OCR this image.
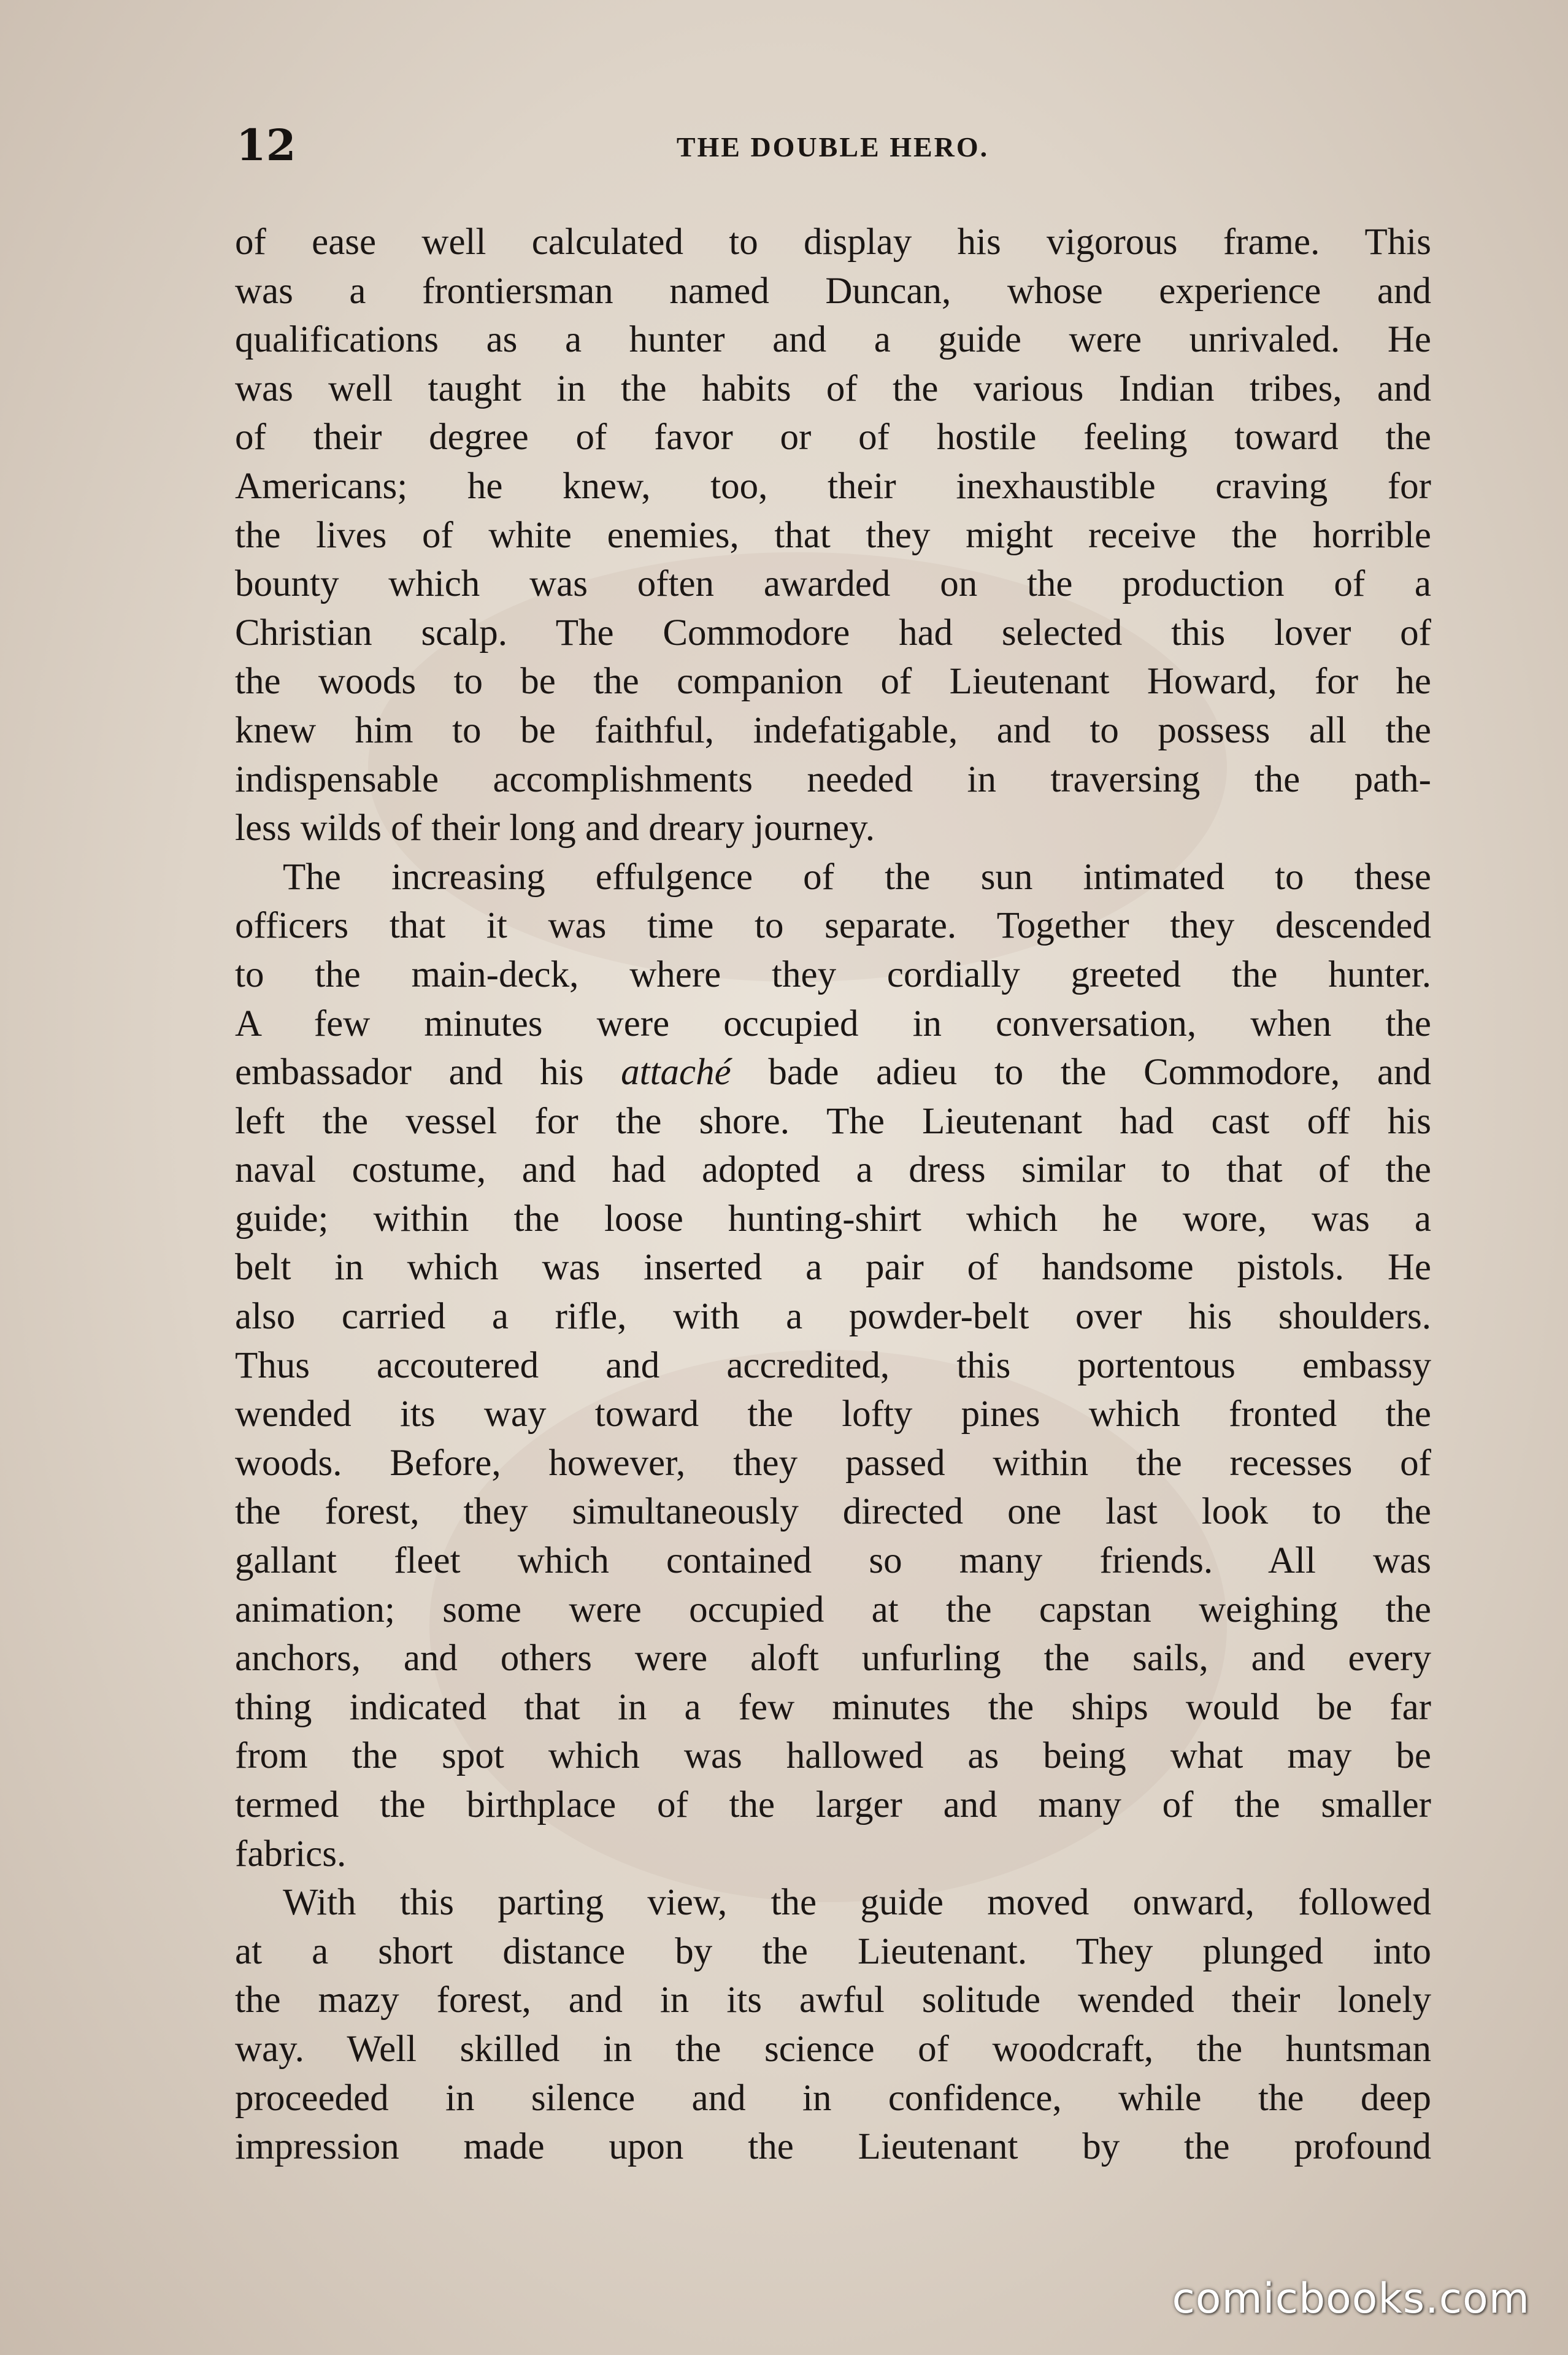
12	THE DOUBLE HERO.
of ease well calculated to display his vigorous frame. This
was a frontiersman named Duncan, whose experience and
qualifications as a hunter and a guide were unrivaled. He
was well taught in the habits of the various Indian tribes, and
of their degree of favor or of hostile feeling toward the
Americans; he knew, too, their inexhaustible craving for
the lives of white enemies, that they might receive the horrible
bounty which was often awarded on the production of a
Christian scalp. The Commodore had selected this lover of
the woods to be the companion of Lieutenant Howard, for he
knew him to be faithful, indefatigable, and to possess all the
indispensable accomplishments needed in traversing the path-
less wilds of their long and dreary journey.
The increasing effulgence of the sun intimated to these
officers that it was time to separate. Together they descended
to the main-deck, where they cordially greeted the hunter.
A few minutes were occupied in conversation, when the
embassador and his attaché bade adieu to the Commodore, and
left the vessel for the shore. The Lieutenant had cast off his
naval costume, and had adopted a dress similar to that of the
guide; within the loose hunting-shirt which he wore, was a
belt in which was inserted a pair of handsome pistols. He
also carried a rifle, with a powder-belt over his shoulders.
Thus accoutered and accredited, this portentous embassy
wended its way toward the lofty pines which fronted the
woods. Before, however, they passed within the recesses of
the forest, they simultaneously directed one last look to the
gallant fleet which contained so many friends. All was
animation; some were occupied at the capstan weighing the
anchors, and others were aloft unfurling the sails, and every
thing indicated that in a few minutes the ships would be far
from the spot which was hallowed as being what may be
termed the birthplace of the larger and many of the smaller
fabrics.
With this parting view, the guide moved onward, followed
at a short distance by the Lieutenant. They plunged into
the mazy forest, and in its awful solitude wended their lonely
way. Well skilled in the science of woodcraft, the huntsman
proceeded in silence and in confidence, while the deep
impression made upon the Lieutenant by the profound
comicbooks.com
